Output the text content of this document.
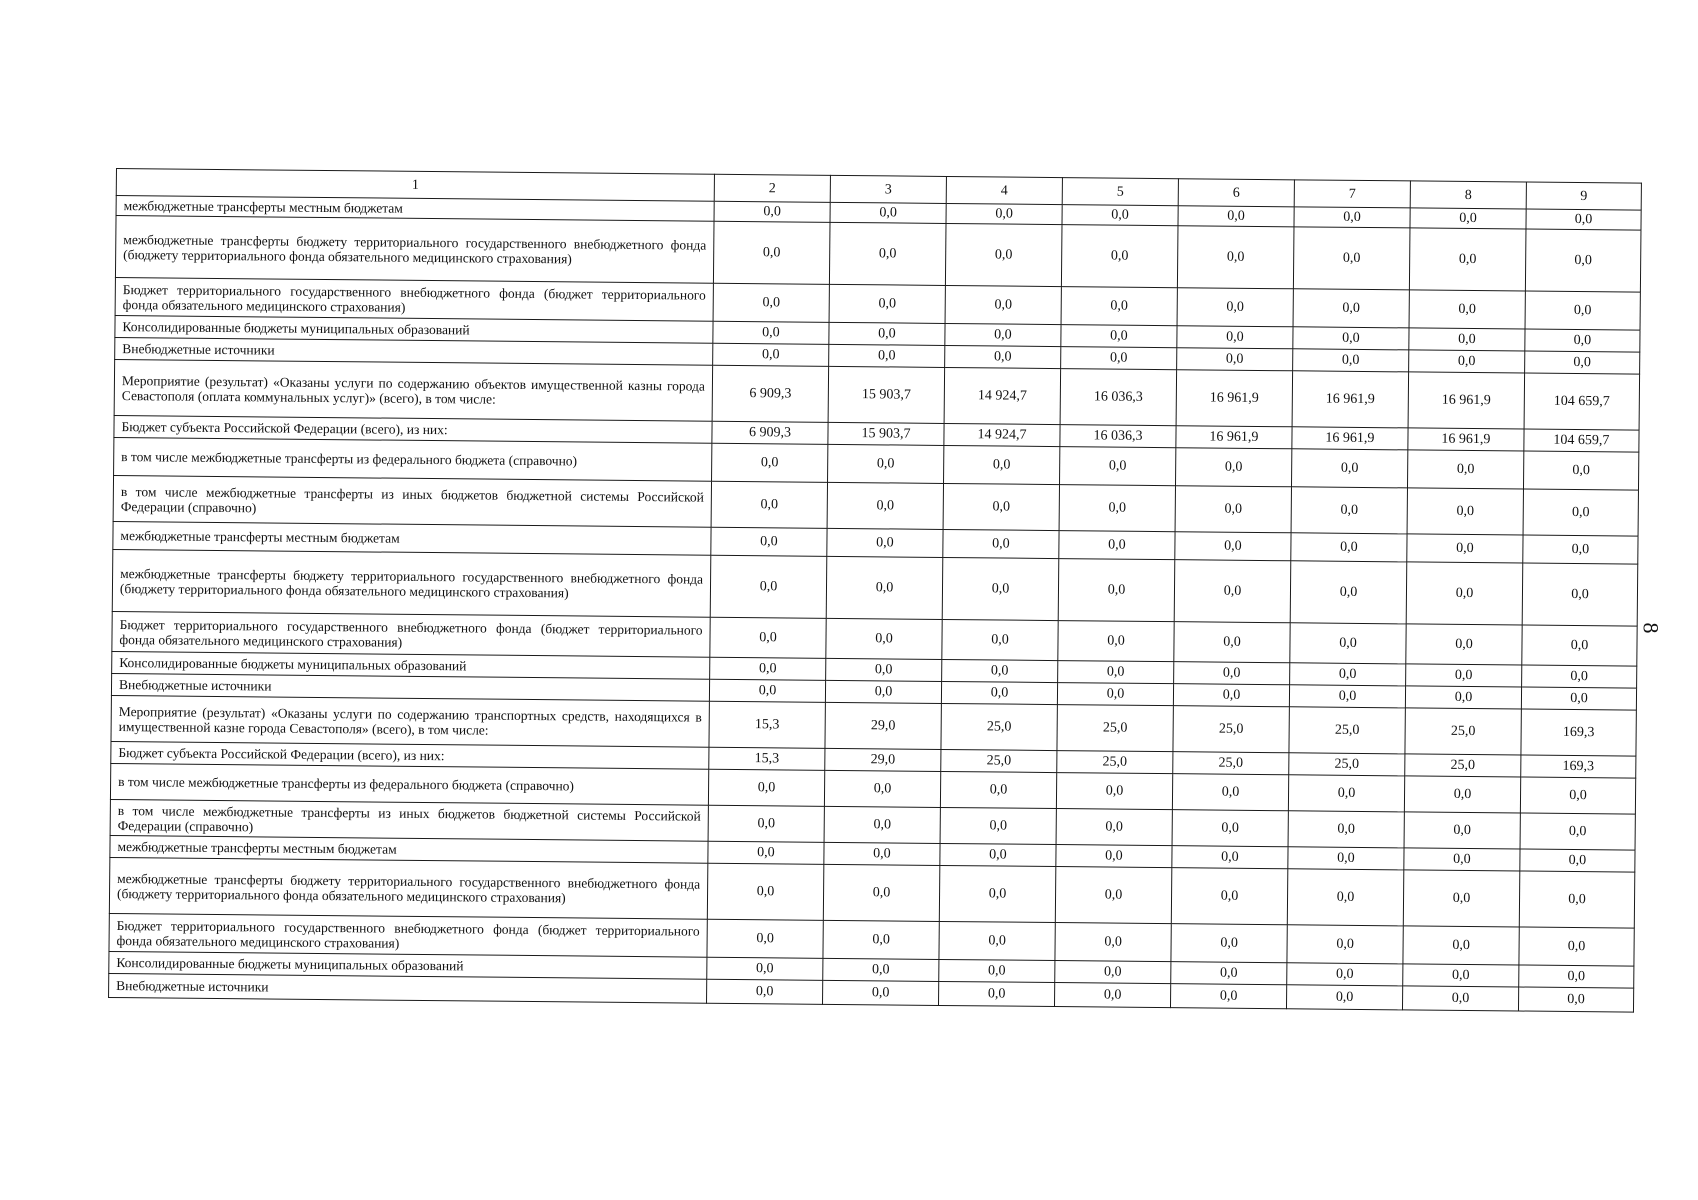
1	2	3	4	5	6	7	8	9
межбюджетные трансферты местным бюджетам	0,0	0,0	0,0	0,0	0,0	0,0	0,0	0,0
межбюджетные трансферты бюджету территориального государственного внебюджетного фонда (бюджету территориального фонда обязательного медицинского страхования)	0,0	0,0	0,0	0,0	0,0	0,0	0,0	0,0
Бюджет территориального государственного внебюджетного фонда (бюджет территориального фонда обязательного медицинского страхования)	0,0	0,0	0,0	0,0	0,0	0,0	0,0	0,0
Консолидированные бюджеты муниципальных образований	0,0	0,0	0,0	0,0	0,0	0,0	0,0	0,0
Внебюджетные источники	0,0	0,0	0,0	0,0	0,0	0,0	0,0	0,0
Мероприятие (результат) «Оказаны услуги по содержанию объектов имущественной казны города Севастополя (оплата коммунальных услуг)» (всего), в том числе:	6 909,3	15 903,7	14 924,7	16 036,3	16 961,9	16 961,9	16 961,9	104 659,7
Бюджет субъекта Российской Федерации (всего), из них:	6 909,3	15 903,7	14 924,7	16 036,3	16 961,9	16 961,9	16 961,9	104 659,7
в том числе межбюджетные трансферты из федерального бюджета (справочно)	0,0	0,0	0,0	0,0	0,0	0,0	0,0	0,0
в том числе межбюджетные трансферты из иных бюджетов бюджетной системы Российской Федерации (справочно)	0,0	0,0	0,0	0,0	0,0	0,0	0,0	0,0
межбюджетные трансферты местным бюджетам	0,0	0,0	0,0	0,0	0,0	0,0	0,0	0,0
межбюджетные трансферты бюджету территориального государственного внебюджетного фонда (бюджету территориального фонда обязательного медицинского страхования)	0,0	0,0	0,0	0,0	0,0	0,0	0,0	0,0
Бюджет территориального государственного внебюджетного фонда (бюджет территориального фонда обязательного медицинского страхования)	0,0	0,0	0,0	0,0	0,0	0,0	0,0	0,0
Консолидированные бюджеты муниципальных образований	0,0	0,0	0,0	0,0	0,0	0,0	0,0	0,0
Внебюджетные источники	0,0	0,0	0,0	0,0	0,0	0,0	0,0	0,0
Мероприятие (результат) «Оказаны услуги по содержанию транспортных средств, находящихся в имущественной казне города Севастополя» (всего), в том числе:	15,3	29,0	25,0	25,0	25,0	25,0	25,0	169,3
Бюджет субъекта Российской Федерации (всего), из них:	15,3	29,0	25,0	25,0	25,0	25,0	25,0	169,3
в том числе межбюджетные трансферты из федерального бюджета (справочно)	0,0	0,0	0,0	0,0	0,0	0,0	0,0	0,0
в том числе межбюджетные трансферты из иных бюджетов бюджетной системы Российской Федерации (справочно)	0,0	0,0	0,0	0,0	0,0	0,0	0,0	0,0
межбюджетные трансферты местным бюджетам	0,0	0,0	0,0	0,0	0,0	0,0	0,0	0,0
межбюджетные трансферты бюджету территориального государственного внебюджетного фонда (бюджету территориального фонда обязательного медицинского страхования)	0,0	0,0	0,0	0,0	0,0	0,0	0,0	0,0
Бюджет территориального государственного внебюджетного фонда (бюджет территориального фонда обязательного медицинского страхования)	0,0	0,0	0,0	0,0	0,0	0,0	0,0	0,0
Консолидированные бюджеты муниципальных образований	0,0	0,0	0,0	0,0	0,0	0,0	0,0	0,0
Внебюджетные источники	0,0	0,0	0,0	0,0	0,0	0,0	0,0	0,0
8
